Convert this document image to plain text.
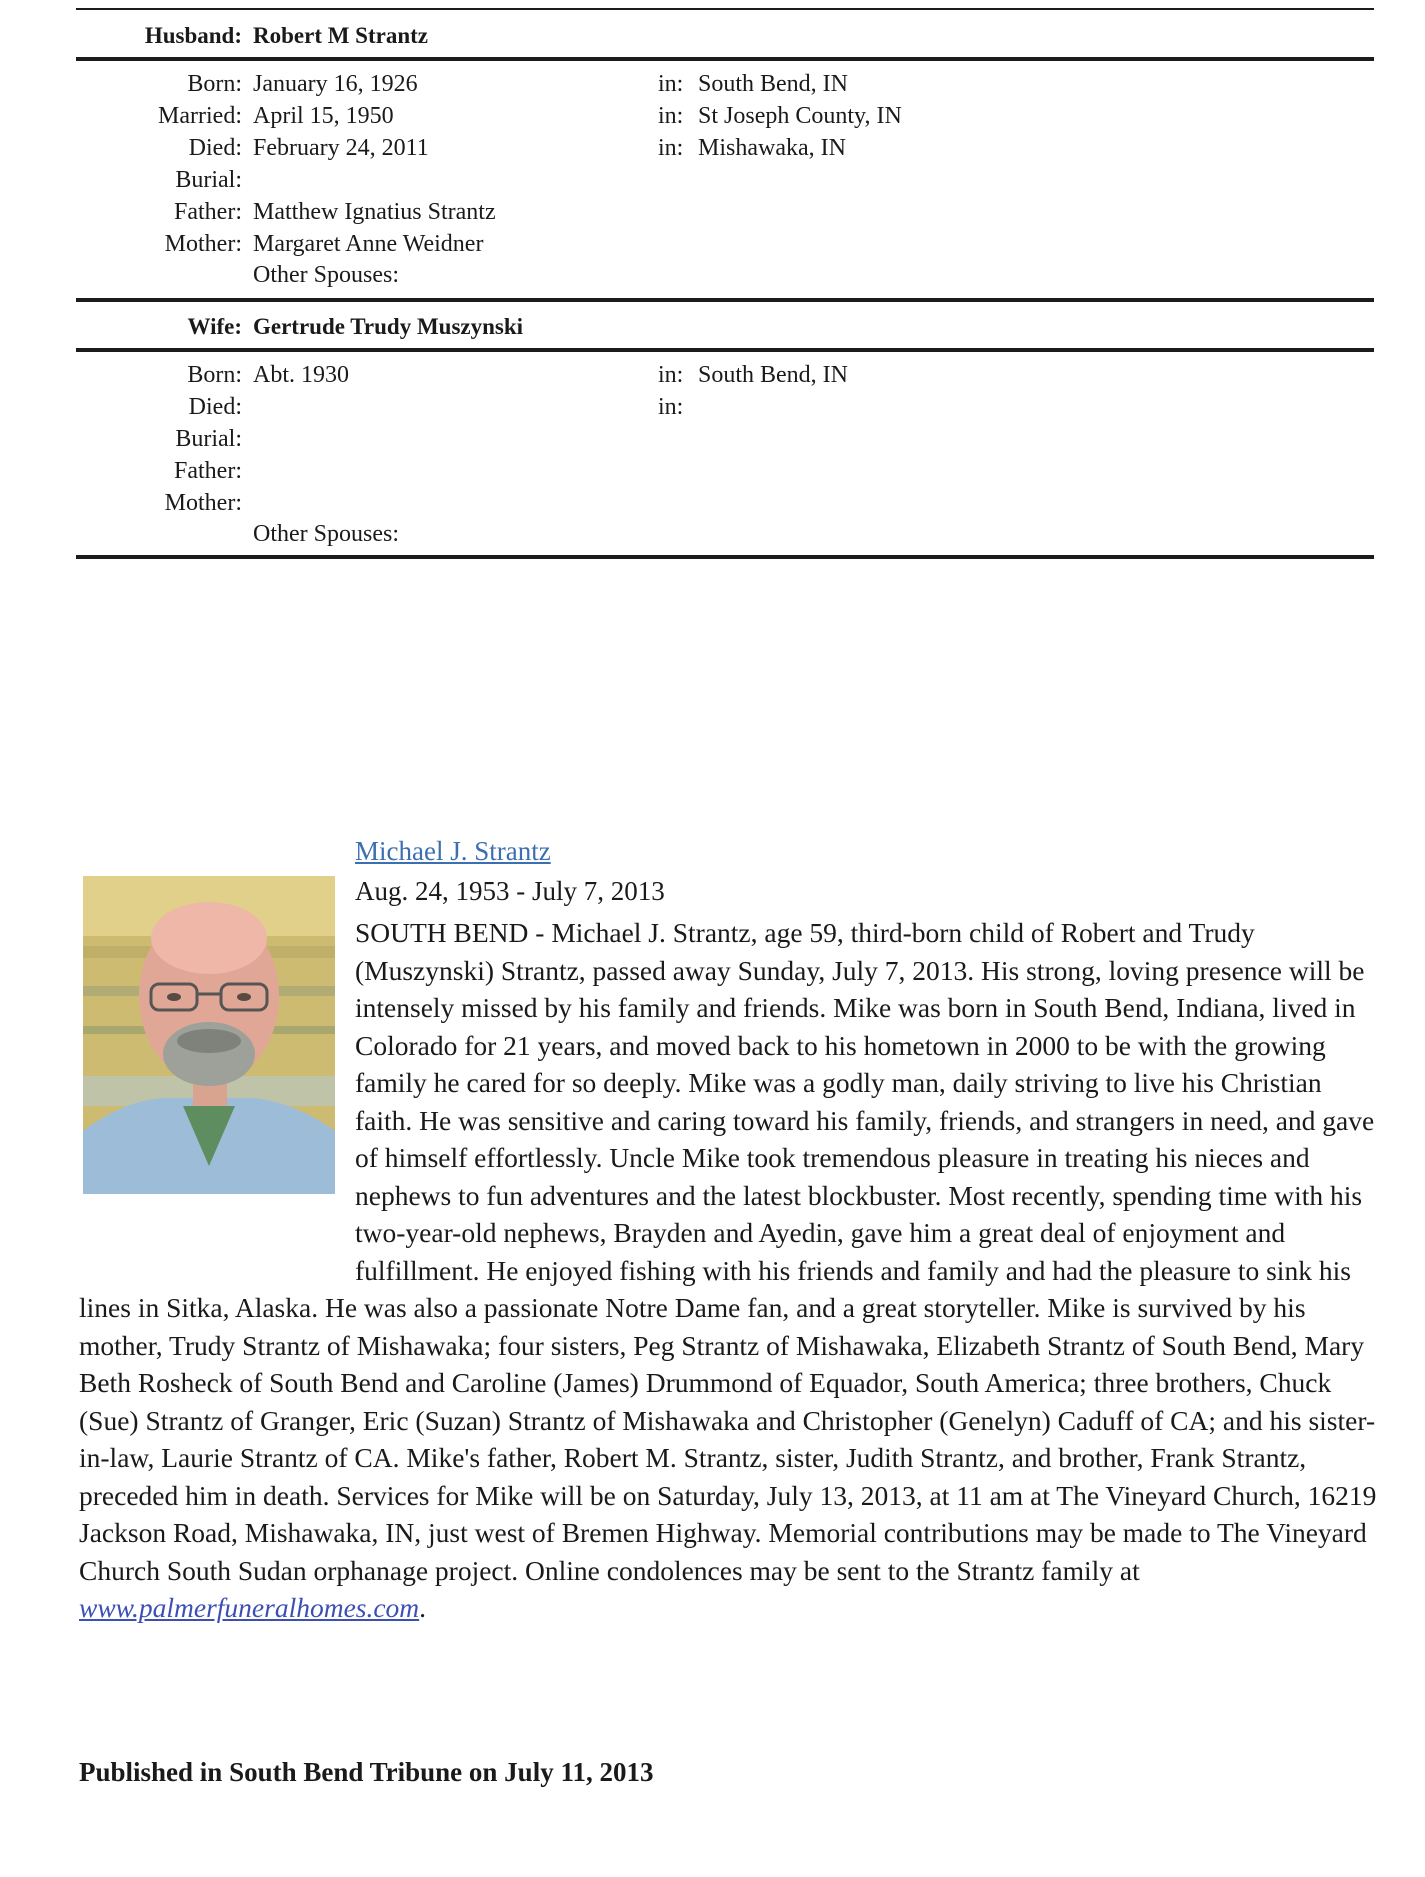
Husband: Robert M Strantz
Born: January 16, 1926	in: South Bend, IN
Married: April 15, 1950	in: St Joseph County, IN
Died: February 24, 2011	in: Mishawaka, IN
Burial:
Father: Matthew Ignatius Strantz
Mother: Margaret Anne Weidner
Other Spouses:
Wife: Gertrude Trudy Muszynski
Born: Abt. 1930	in: South Bend, IN
Died:	in:
Burial:
Father:
Mother:
Other Spouses:
Michael J. Strantz
Aug. 24, 1953 - July 7, 2013
SOUTH BEND - Michael J. Strantz, age 59, third-born child of Robert and Trudy (Muszynski) Strantz, passed away Sunday, July 7, 2013. His strong, loving presence will be intensely missed by his family and friends. Mike was born in South Bend, Indiana, lived in Colorado for 21 years, and moved back to his hometown in 2000 to be with the growing family he cared for so deeply. Mike was a godly man, daily striving to live his Christian faith. He was sensitive and caring toward his family, friends, and strangers in need, and gave of himself effortlessly. Uncle Mike took tremendous pleasure in treating his nieces and nephews to fun adventures and the latest blockbuster. Most recently, spending time with his two-year-old nephews, Brayden and Ayedin, gave him a great deal of enjoyment and fulfillment. He enjoyed fishing with his friends and family and had the pleasure to sink his lines in Sitka, Alaska. He was also a passionate Notre Dame fan, and a great storyteller. Mike is survived by his mother, Trudy Strantz of Mishawaka; four sisters, Peg Strantz of Mishawaka, Elizabeth Strantz of South Bend, Mary Beth Rosheck of South Bend and Caroline (James) Drummond of Equador, South America; three brothers, Chuck (Sue) Strantz of Granger, Eric (Suzan) Strantz of Mishawaka and Christopher (Genelyn) Caduff of CA; and his sister-in-law, Laurie Strantz of CA. Mike's father, Robert M. Strantz, sister, Judith Strantz, and brother, Frank Strantz, preceded him in death. Services for Mike will be on Saturday, July 13, 2013, at 11 am at The Vineyard Church, 16219 Jackson Road, Mishawaka, IN, just west of Bremen Highway. Memorial contributions may be made to The Vineyard Church South Sudan orphanage project. Online condolences may be sent to the Strantz family at www.palmerfuneralhomes.com.
Published in South Bend Tribune on July 11, 2013
